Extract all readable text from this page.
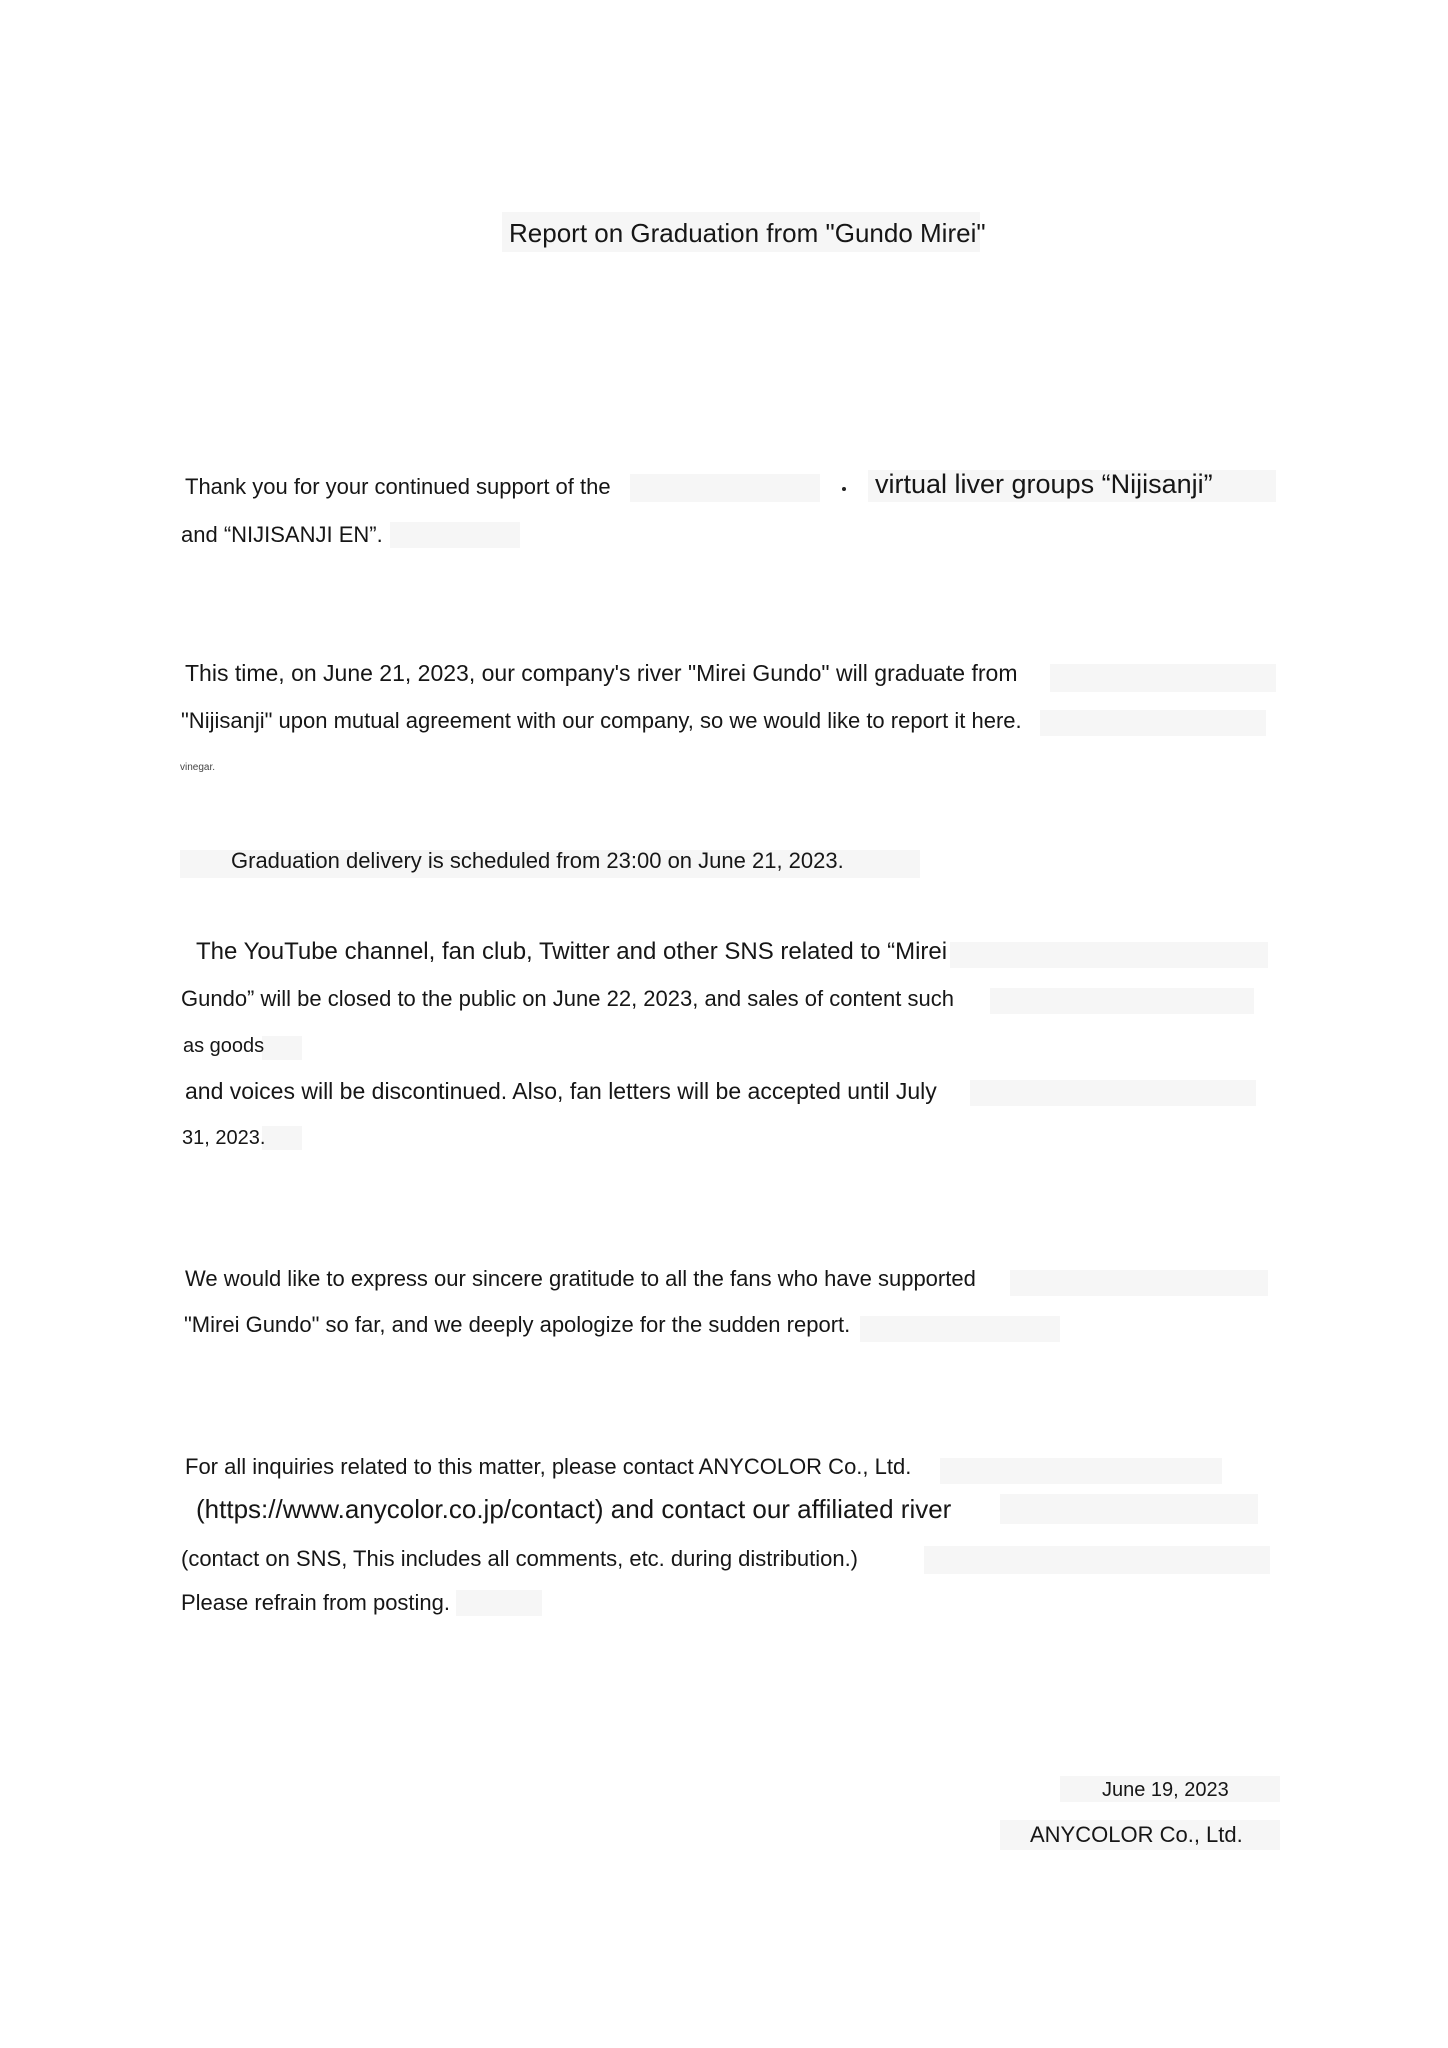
Report on Graduation from "Gundo Mirei"
Thank you for your continued support of the	virtual liver groups “Nijisanji”
and “NIJISANJI EN”.
This time, on June 21, 2023, our company's river "Mirei Gundo" will graduate from
"Nijisanji" upon mutual agreement with our company, so we would like to report it here.
vinegar.
Graduation delivery is scheduled from 23:00 on June 21, 2023.
The YouTube channel, fan club, Twitter and other SNS related to “Mirei
Gundo” will be closed to the public on June 22, 2023, and sales of content such
as goods
and voices will be discontinued. Also, fan letters will be accepted until July
31, 2023.
We would like to express our sincere gratitude to all the fans who have supported
"Mirei Gundo" so far, and we deeply apologize for the sudden report.
For all inquiries related to this matter, please contact ANYCOLOR Co., Ltd.
(https://www.anycolor.co.jp/contact) and contact our affiliated river
(contact on SNS, This includes all comments, etc. during distribution.)
Please refrain from posting.
June 19, 2023
ANYCOLOR Co., Ltd.
